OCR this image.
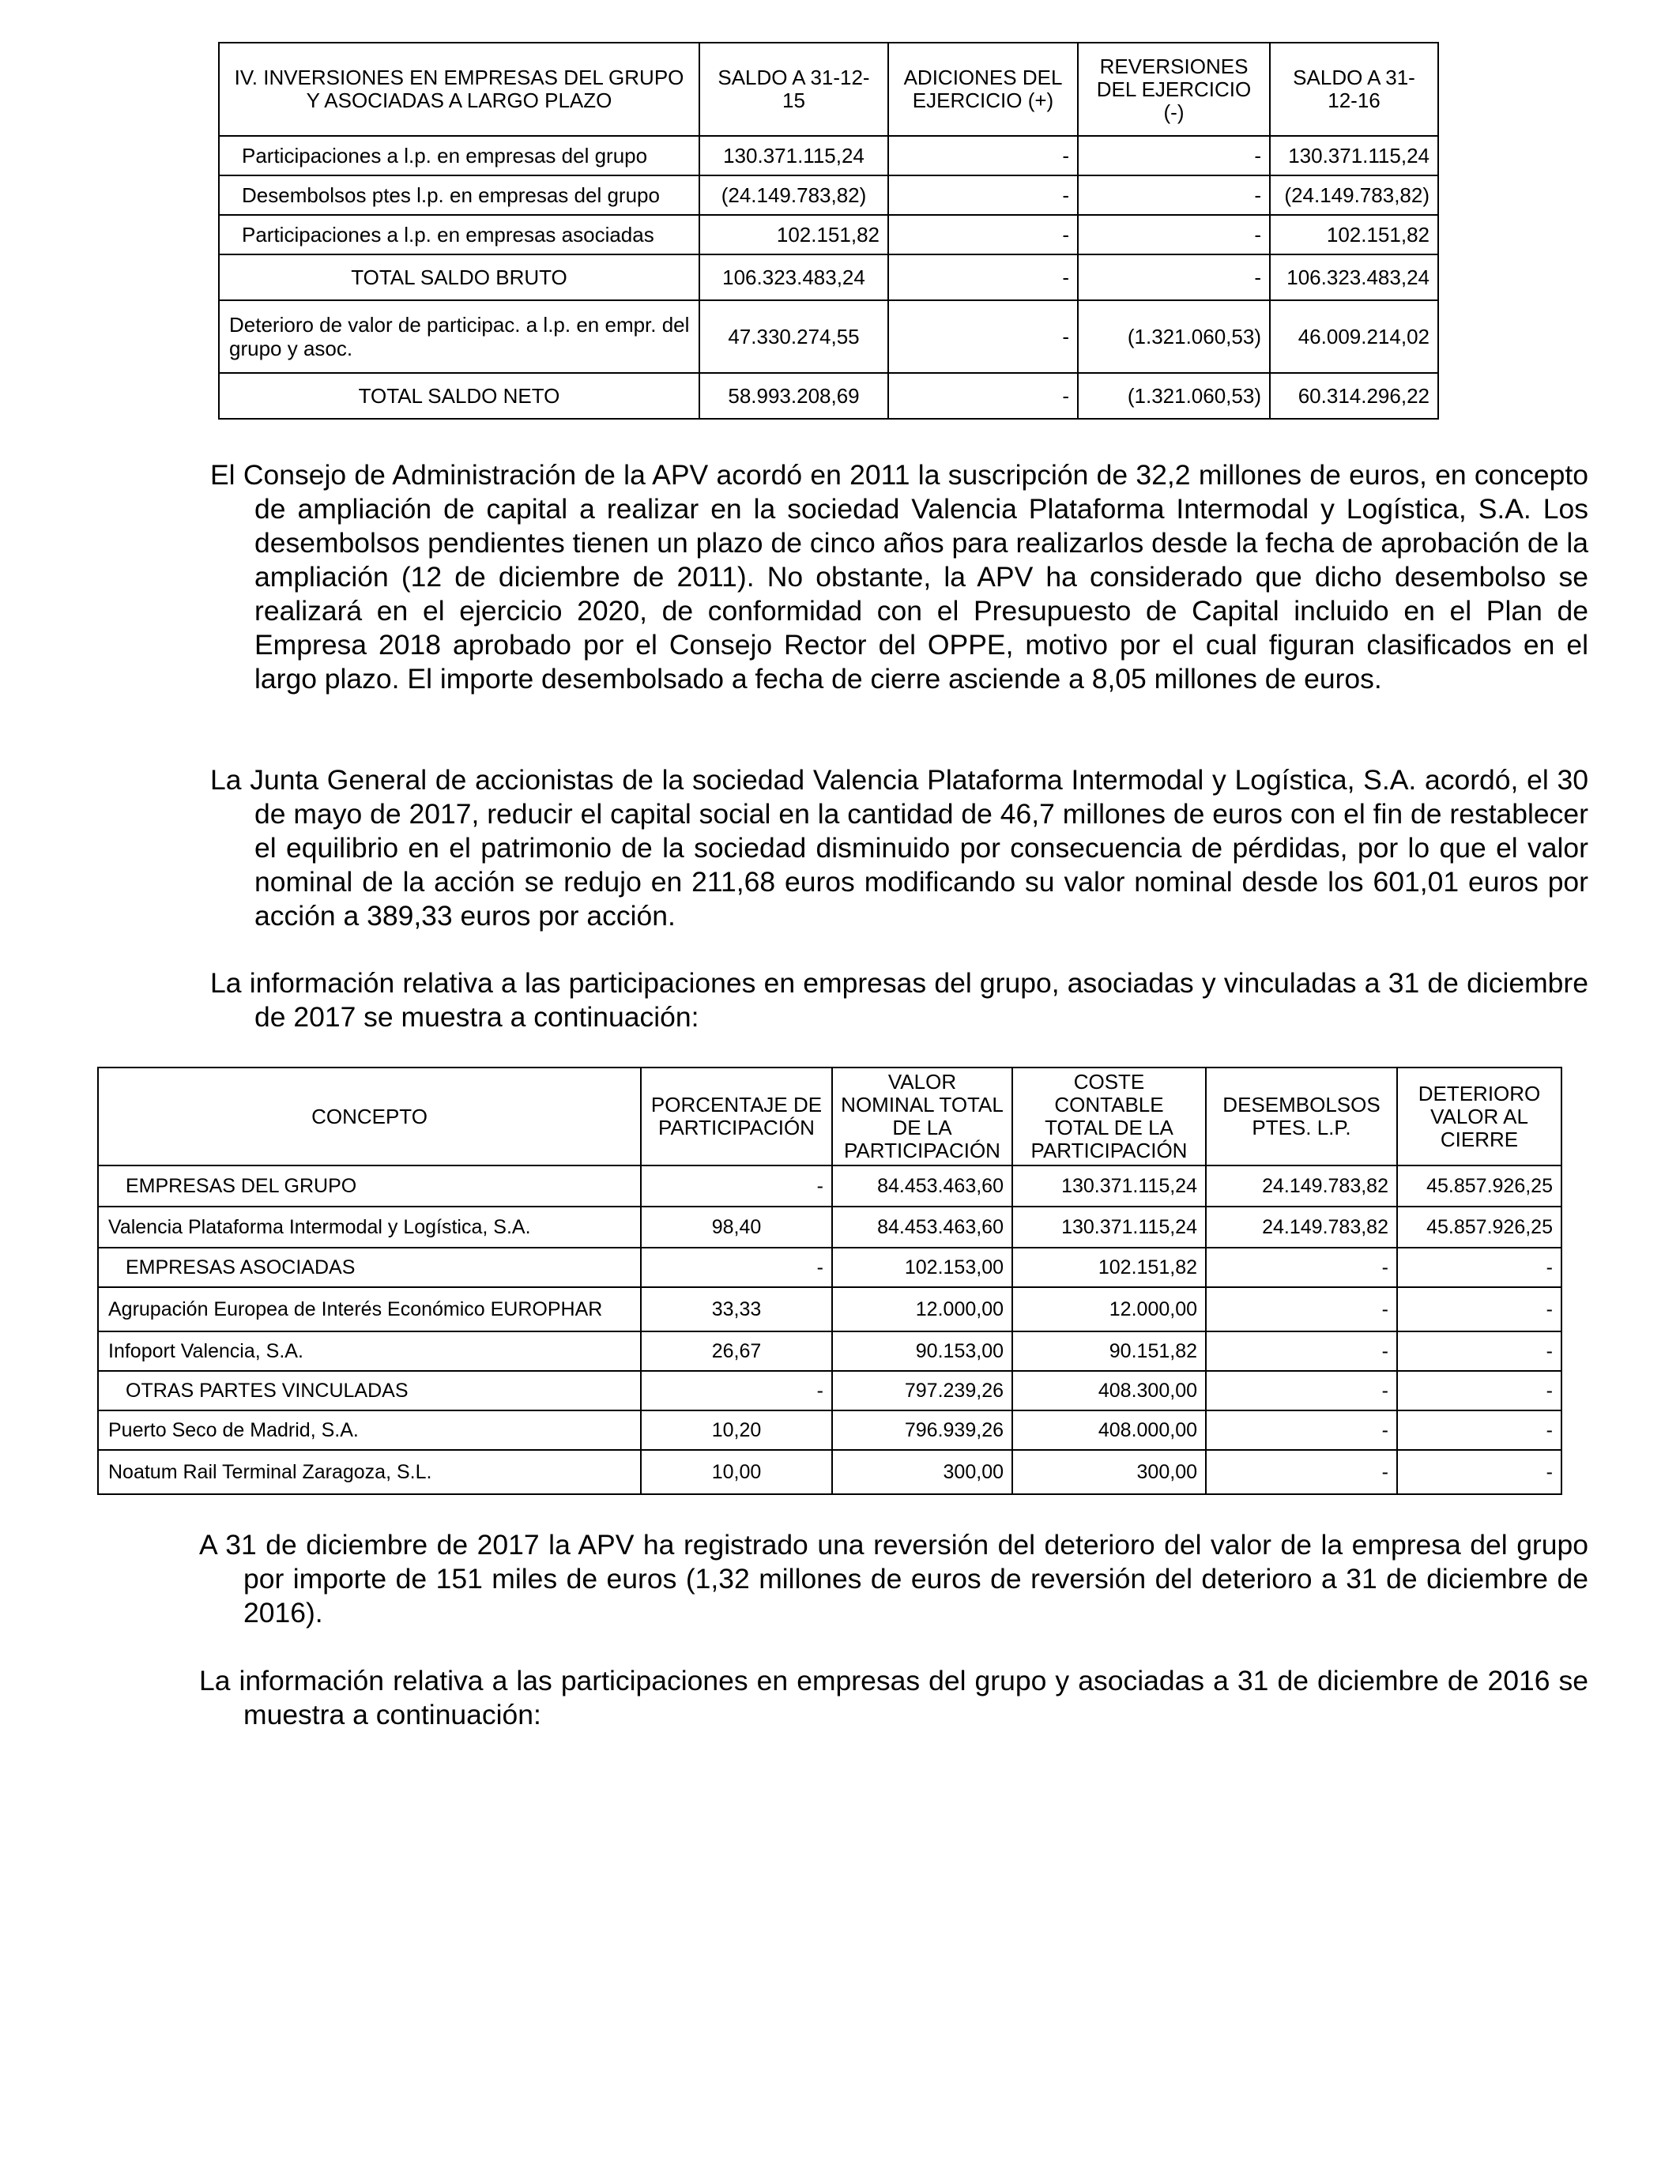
IV. INVERSIONES EN EMPRESAS DEL GRUPO Y ASOCIADAS A LARGO PLAZO	SALDO A 31-12-15	ADICIONES DEL EJERCICIO (+)	REVERSIONES DEL EJERCICIO (-)	SALDO A 31-12-16
Participaciones a l.p. en empresas del grupo	130.371.115,24	-	-	130.371.115,24
Desembolsos ptes l.p. en empresas del grupo	(24.149.783,82)	-	-	(24.149.783,82)
Participaciones a l.p. en empresas asociadas	102.151,82	-	-	102.151,82
TOTAL SALDO BRUTO	106.323.483,24	-	-	106.323.483,24
Deterioro de valor de participac. a l.p. en empr. del grupo y asoc.	47.330.274,55	-	(1.321.060,53)	46.009.214,02
TOTAL SALDO NETO	58.993.208,69	-	(1.321.060,53)	60.314.296,22

El Consejo de Administración de la APV acordó en 2011 la suscripción de 32,2 millones de euros, en concepto de ampliación de capital a realizar en la sociedad Valencia Plataforma Intermodal y Logística, S.A. Los desembolsos pendientes tienen un plazo de cinco años para realizarlos desde la fecha de aprobación de la ampliación (12 de diciembre de 2011). No obstante, la APV ha considerado que dicho desembolso se realizará en el ejercicio 2020, de conformidad con el Presupuesto de Capital incluido en el Plan de Empresa 2018 aprobado por el Consejo Rector del OPPE, motivo por el cual figuran clasificados en el largo plazo. El importe desembolsado a fecha de cierre asciende a 8,05 millones de euros.

La Junta General de accionistas de la sociedad Valencia Plataforma Intermodal y Logística, S.A. acordó, el 30 de mayo de 2017, reducir el capital social en la cantidad de 46,7 millones de euros con el fin de restablecer el equilibrio en el patrimonio de la sociedad disminuido por consecuencia de pérdidas, por lo que el valor nominal de la acción se redujo en 211,68 euros modificando su valor nominal desde los 601,01 euros por acción a 389,33 euros por acción.

La información relativa a las participaciones en empresas del grupo, asociadas y vinculadas a 31 de diciembre de 2017 se muestra a continuación:

CONCEPTO	PORCENTAJE DE PARTICIPACIÓN	VALOR NOMINAL TOTAL DE LA PARTICIPACIÓN	COSTE CONTABLE TOTAL DE LA PARTICIPACIÓN	DESEMBOLSOS PTES. L.P.	DETERIORO VALOR AL CIERRE
EMPRESAS DEL GRUPO	-	84.453.463,60	130.371.115,24	24.149.783,82	45.857.926,25
Valencia Plataforma Intermodal y Logística, S.A.	98,40	84.453.463,60	130.371.115,24	24.149.783,82	45.857.926,25
EMPRESAS ASOCIADAS	-	102.153,00	102.151,82	-	-
Agrupación Europea de Interés Económico EUROPHAR	33,33	12.000,00	12.000,00	-	-
Infoport Valencia, S.A.	26,67	90.153,00	90.151,82	-	-
OTRAS PARTES VINCULADAS	-	797.239,26	408.300,00	-	-
Puerto Seco de Madrid, S.A.	10,20	796.939,26	408.000,00	-	-
Noatum Rail Terminal Zaragoza, S.L.	10,00	300,00	300,00	-	-

A 31 de diciembre de 2017 la APV ha registrado una reversión del deterioro del valor de la empresa del grupo por importe de 151 miles de euros (1,32 millones de euros de reversión del deterioro a 31 de diciembre de 2016).

La información relativa a las participaciones en empresas del grupo y asociadas a 31 de diciembre de 2016 se muestra a continuación:
